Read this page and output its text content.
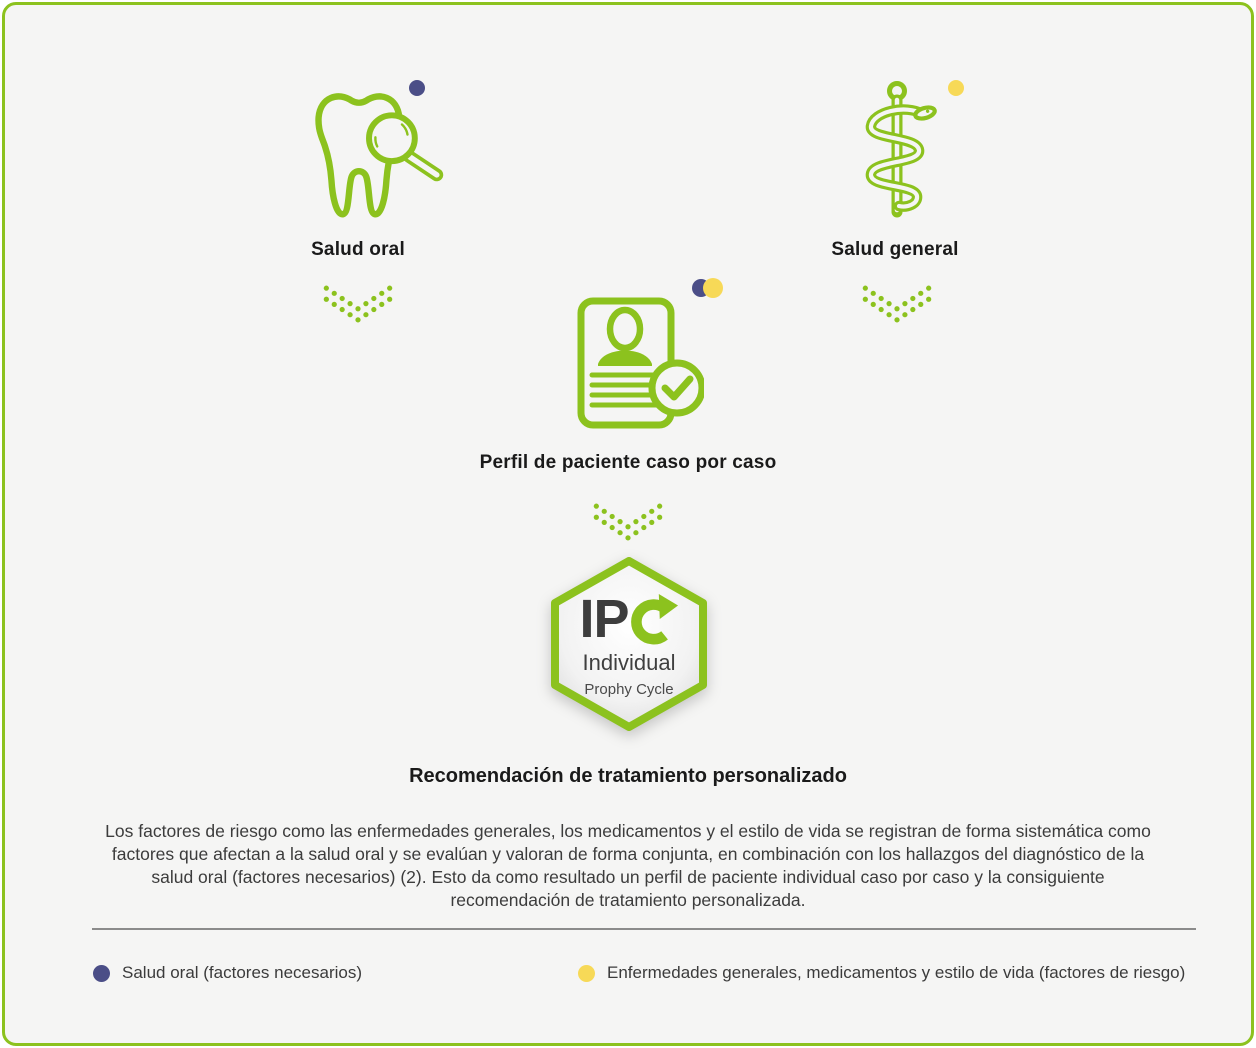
Salud oral	Salud general
Perfil de paciente caso por caso
IP
Individual
Prophy Cycle
Recomendación de tratamiento personalizado
Los factores de riesgo como las enfermedades generales, los medicamentos y el estilo de vida se registran de forma sistemática como factores que afectan a la salud oral y se evalúan y valoran de forma conjunta, en combinación con los hallazgos del diagnóstico de la salud oral (factores necesarios) (2). Esto da como resultado un perfil de paciente individual caso por caso y la consiguiente recomendación de tratamiento personalizada.
Salud oral (factores necesarios)	Enfermedades generales, medicamentos y estilo de vida (factores de riesgo)
